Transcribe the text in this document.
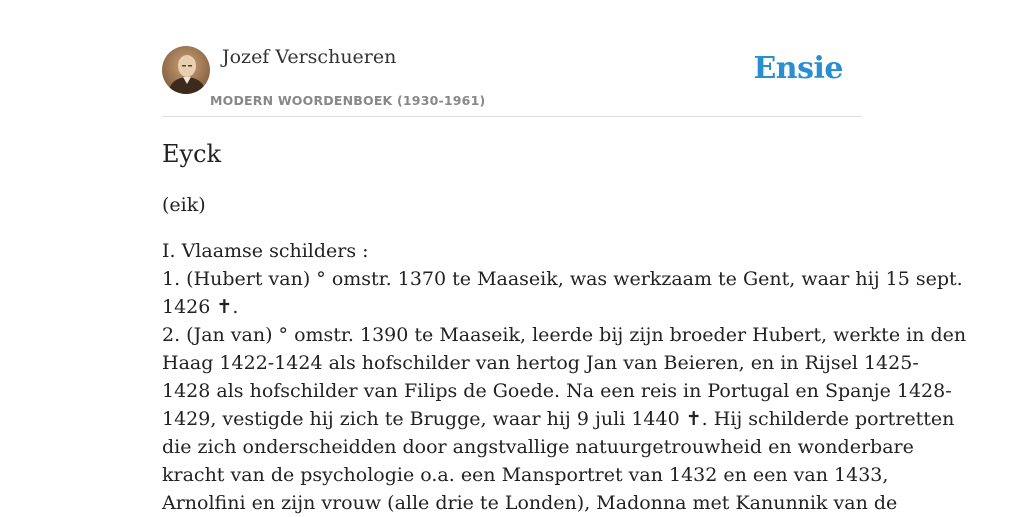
Jozef Verschueren
MODERN WOORDENBOEK (1930-1961)
Ensie
Eyck

(eik)

I. Vlaamse schilders :
1. (Hubert van) ° omstr. 1370 te Maaseik, was werkzaam te Gent, waar hij 15 sept.
1426 ✝.
2. (Jan van) ° omstr. 1390 te Maaseik, leerde bij zijn broeder Hubert, werkte in den
Haag 1422-1424 als hofschilder van hertog Jan van Beieren, en in Rijsel 1425-
1428 als hofschilder van Filips de Goede. Na een reis in Portugal en Spanje 1428-
1429, vestigde hij zich te Brugge, waar hij 9 juli 1440 ✝. Hij schilderde portretten
die zich onderscheidden door angstvallige natuurgetrouwheid en wonderbare
kracht van de psychologie o.a. een Mansportret van 1432 en een van 1433,
Arnolfini en zijn vrouw (alle drie te Londen), Madonna met Kanunnik van de
